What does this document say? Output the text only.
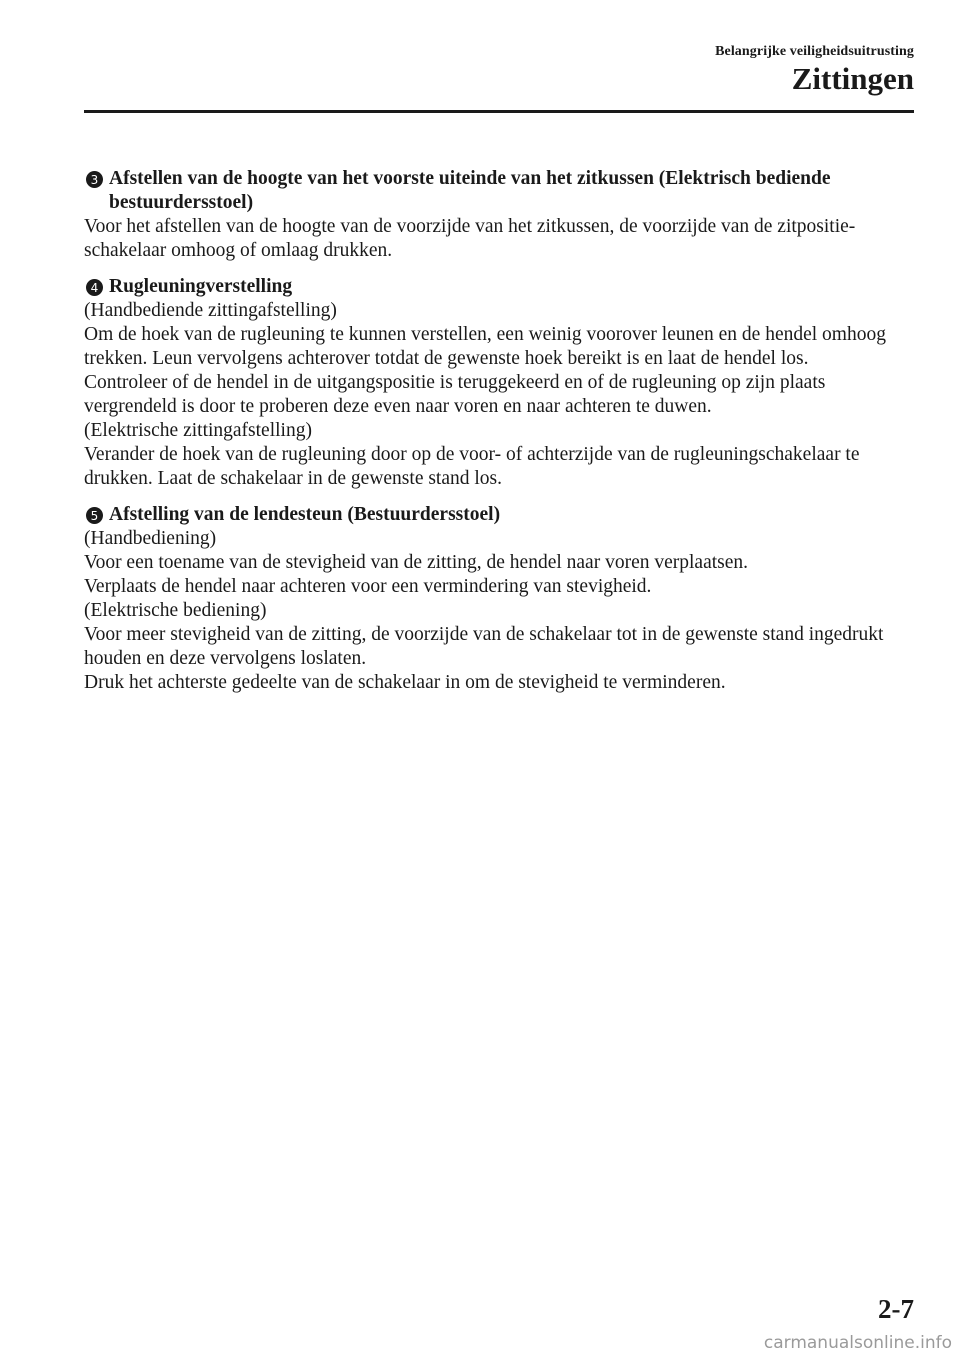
Belangrijke veiligheidsuitrusting
Zittingen
3 Afstellen van de hoogte van het voorste uiteinde van het zitkussen (Elektrisch bediende bestuurdersstoel)

Voor het afstellen van de hoogte van de voorzijde van het zitkussen, de voorzijde van de zitpositie-schakelaar omhoog of omlaag drukken.

4 Rugleuningverstelling

(Handbediende zittingafstelling)

Om de hoek van de rugleuning te kunnen verstellen, een weinig voorover leunen en de hendel omhoog trekken. Leun vervolgens achterover totdat de gewenste hoek bereikt is en laat de hendel los.

Controleer of de hendel in de uitgangspositie is teruggekeerd en of de rugleuning op zijn plaats vergrendeld is door te proberen deze even naar voren en naar achteren te duwen.

(Elektrische zittingafstelling)

Verander de hoek van de rugleuning door op de voor- of achterzijde van de rugleuningschakelaar te drukken. Laat de schakelaar in de gewenste stand los.

5 Afstelling van de lendesteun (Bestuurdersstoel)

(Handbediening)

Voor een toename van de stevigheid van de zitting, de hendel naar voren verplaatsen.

Verplaats de hendel naar achteren voor een vermindering van stevigheid.

(Elektrische bediening)

Voor meer stevigheid van de zitting, de voorzijde van de schakelaar tot in de gewenste stand ingedrukt houden en deze vervolgens loslaten.

Druk het achterste gedeelte van de schakelaar in om de stevigheid te verminderen.

2-7
carmanualsonline.info
